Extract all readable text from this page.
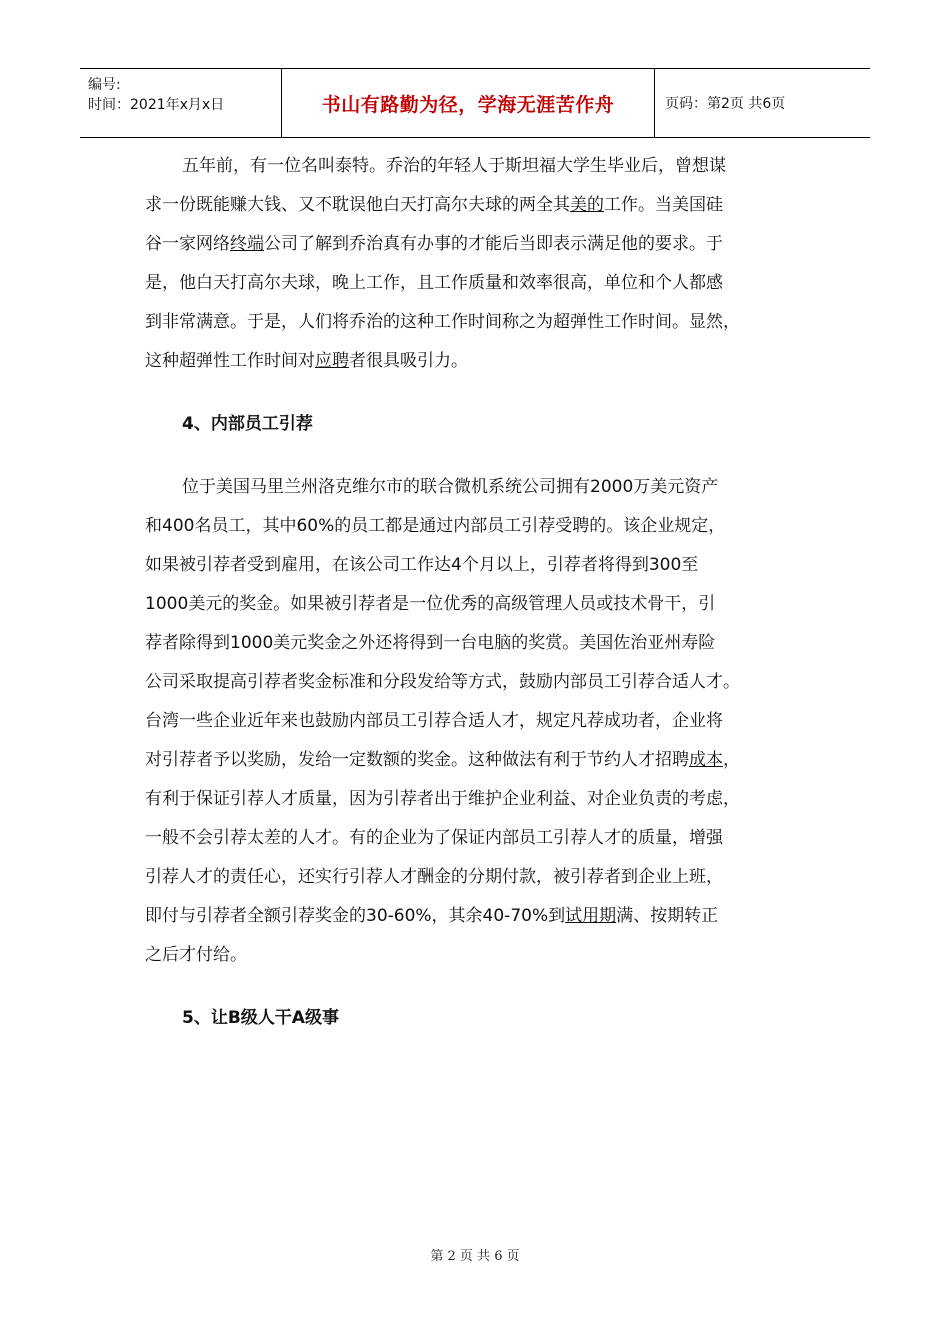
编号:
时间：2021年x月x日	书山有路勤为径，学海无涯苦作舟	页码：第2页 共6页

五年前，有一位名叫泰特。乔治的年轻人于斯坦福大学生毕业后，曾想谋

求一份既能赚大钱、又不耽误他白天打高尔夫球的两全其美的工作。当美国硅

谷一家网络终端公司了解到乔治真有办事的才能后当即表示满足他的要求。于

是，他白天打高尔夫球，晚上工作，且工作质量和效率很高，单位和个人都感

到非常满意。于是，人们将乔治的这种工作时间称之为超弹性工作时间。显然，

这种超弹性工作时间对应聘者很具吸引力。

4、内部员工引荐

位于美国马里兰州洛克维尔市的联合微机系统公司拥有2000万美元资产

和400名员工，其中60%的员工都是通过内部员工引荐受聘的。该企业规定，

如果被引荐者受到雇用，在该公司工作达4个月以上，引荐者将得到300至

1000美元的奖金。如果被引荐者是一位优秀的高级管理人员或技术骨干，引

荐者除得到1000美元奖金之外还将得到一台电脑的奖赏。美国佐治亚州寿险

公司采取提高引荐者奖金标准和分段发给等方式，鼓励内部员工引荐合适人才。

台湾一些企业近年来也鼓励内部员工引荐合适人才，规定凡荐成功者，企业将

对引荐者予以奖励，发给一定数额的奖金。这种做法有利于节约人才招聘成本，

有利于保证引荐人才质量，因为引荐者出于维护企业利益、对企业负责的考虑，

一般不会引荐太差的人才。有的企业为了保证内部员工引荐人才的质量，增强

引荐人才的责任心，还实行引荐人才酬金的分期付款，被引荐者到企业上班，

即付与引荐者全额引荐奖金的30-60%，其余40-70%到试用期满、按期转正

之后才付给。

5、让B级人干A级事

第 2 页 共 6 页
